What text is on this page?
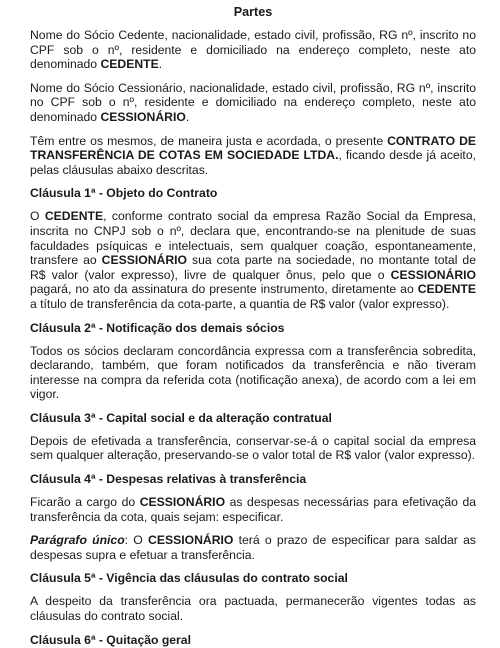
Partes

Nome do Sócio Cedente, nacionalidade, estado civil, profissão, RG nº, inscrito no CPF sob o nº, residente e domiciliado na endereço completo, neste ato denominado CEDENTE.

Nome do Sócio Cessionário, nacionalidade, estado civil, profissão, RG nº, inscrito no CPF sob o nº, residente e domiciliado na endereço completo, neste ato denominado CESSIONÁRIO.

Têm entre os mesmos, de maneira justa e acordada, o presente CONTRATO DE TRANSFERÊNCIA DE COTAS EM SOCIEDADE LTDA., ficando desde já aceito, pelas cláusulas abaixo descritas.

Cláusula 1ª - Objeto do Contrato

O CEDENTE, conforme contrato social da empresa Razão Social da Empresa, inscrita no CNPJ sob o nº, declara que, encontrando-se na plenitude de suas faculdades psíquicas e intelectuais, sem qualquer coação, espontaneamente, transfere ao CESSIONÁRIO sua cota parte na sociedade, no montante total de R$ valor (valor expresso), livre de qualquer ônus, pelo que o CESSIONÁRIO pagará, no ato da assinatura do presente instrumento, diretamente ao CEDENTE a título de transferência da cota-parte, a quantia de R$ valor (valor expresso).

Cláusula 2ª - Notificação dos demais sócios

Todos os sócios declaram concordância expressa com a transferência sobredita, declarando, também, que foram notificados da transferência e não tiveram interesse na compra da referida cota (notificação anexa), de acordo com a lei em vigor.

Cláusula 3ª - Capital social e da alteração contratual

Depois de efetivada a transferência, conservar-se-á o capital social da empresa sem qualquer alteração, preservando-se o valor total de R$ valor (valor expresso).

Cláusula 4ª - Despesas relativas à transferência

Ficarão a cargo do CESSIONÁRIO as despesas necessárias para efetivação da transferência da cota, quais sejam: especificar.

Parágrafo único: O CESSIONÁRIO terá o prazo de especificar para saldar as despesas supra e efetuar a transferência.

Cláusula 5ª - Vigência das cláusulas do contrato social

A despeito da transferência ora pactuada, permanecerão vigentes todas as cláusulas do contrato social.

Cláusula 6ª - Quitação geral
